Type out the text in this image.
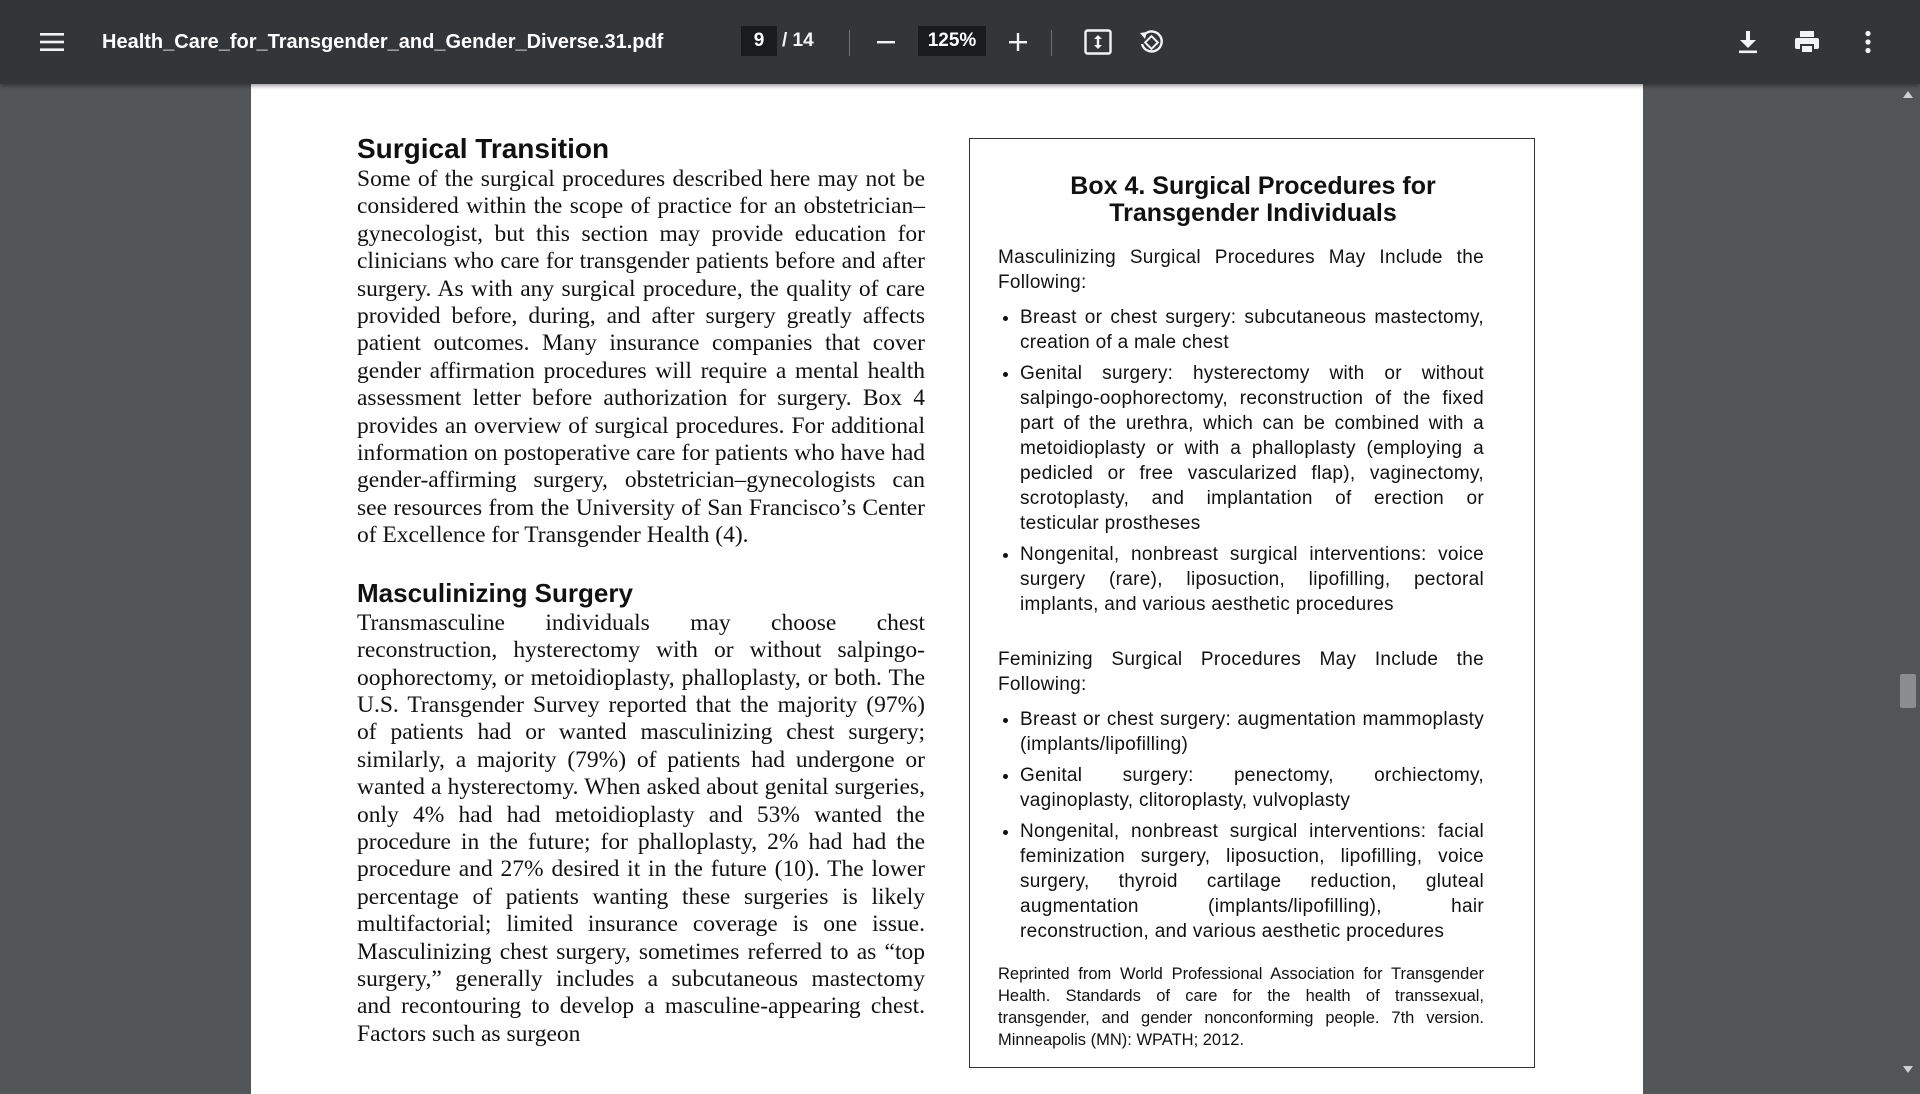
Health_Care_for_Transgender_and_Gender_Diverse.31.pdf	9 / 14	125%
Surgical Transition

Some of the surgical procedures described here may not be considered within the scope of practice for an obstetrician–gynecologist, but this section may provide education for clinicians who care for transgender patients before and after surgery. As with any surgical procedure, the quality of care provided before, during, and after surgery greatly affects patient outcomes. Many insurance companies that cover gender affirmation procedures will require a mental health assessment letter before authorization for surgery. Box 4 provides an overview of surgical procedures. For additional information on postoperative care for patients who have had gender-affirming surgery, obstetrician–gynecologists can see resources from the University of San Francisco’s Center of Excellence for Transgender Health (4).

Masculinizing Surgery

Transmasculine individuals may choose chest reconstruction, hysterectomy with or without salpingo-oophorectomy, or metoidioplasty, phalloplasty, or both. The U.S. Transgender Survey reported that the majority (97%) of patients had or wanted masculinizing chest surgery; similarly, a majority (79%) of patients had undergone or wanted a hysterectomy. When asked about genital surgeries, only 4% had had metoidioplasty and 53% wanted the procedure in the future; for phalloplasty, 2% had had the procedure and 27% desired it in the future (10). The lower percentage of patients wanting these surgeries is likely multifactorial; limited insurance coverage is one issue. Masculinizing chest surgery, sometimes referred to as “top surgery,” generally includes a subcutaneous mastectomy and recontouring to develop a masculine-appearing chest. Factors such as surgeon

Box 4. Surgical Procedures for
Transgender Individuals

Masculinizing Surgical Procedures May Include the Following:

• Breast or chest surgery: subcutaneous mastectomy, creation of a male chest
• Genital surgery: hysterectomy with or without salpingo-oophorectomy, reconstruction of the fixed part of the urethra, which can be combined with a metoidioplasty or with a phalloplasty (employing a pedicled or free vascularized flap), vaginectomy, scrotoplasty, and implantation of erection or testicular prostheses
• Nongenital, nonbreast surgical interventions: voice surgery (rare), liposuction, lipofilling, pectoral implants, and various aesthetic procedures

Feminizing Surgical Procedures May Include the Following:

• Breast or chest surgery: augmentation mammoplasty (implants/lipofilling)
• Genital surgery: penectomy, orchiectomy, vaginoplasty, clitoroplasty, vulvoplasty
• Nongenital, nonbreast surgical interventions: facial feminization surgery, liposuction, lipofilling, voice surgery, thyroid cartilage reduction, gluteal augmentation (implants/lipofilling), hair reconstruction, and various aesthetic procedures
Reprinted from World Professional Association for Transgender Health. Standards of care for the health of transsexual, transgender, and gender nonconforming people. 7th version. Minneapolis (MN): WPATH; 2012.
